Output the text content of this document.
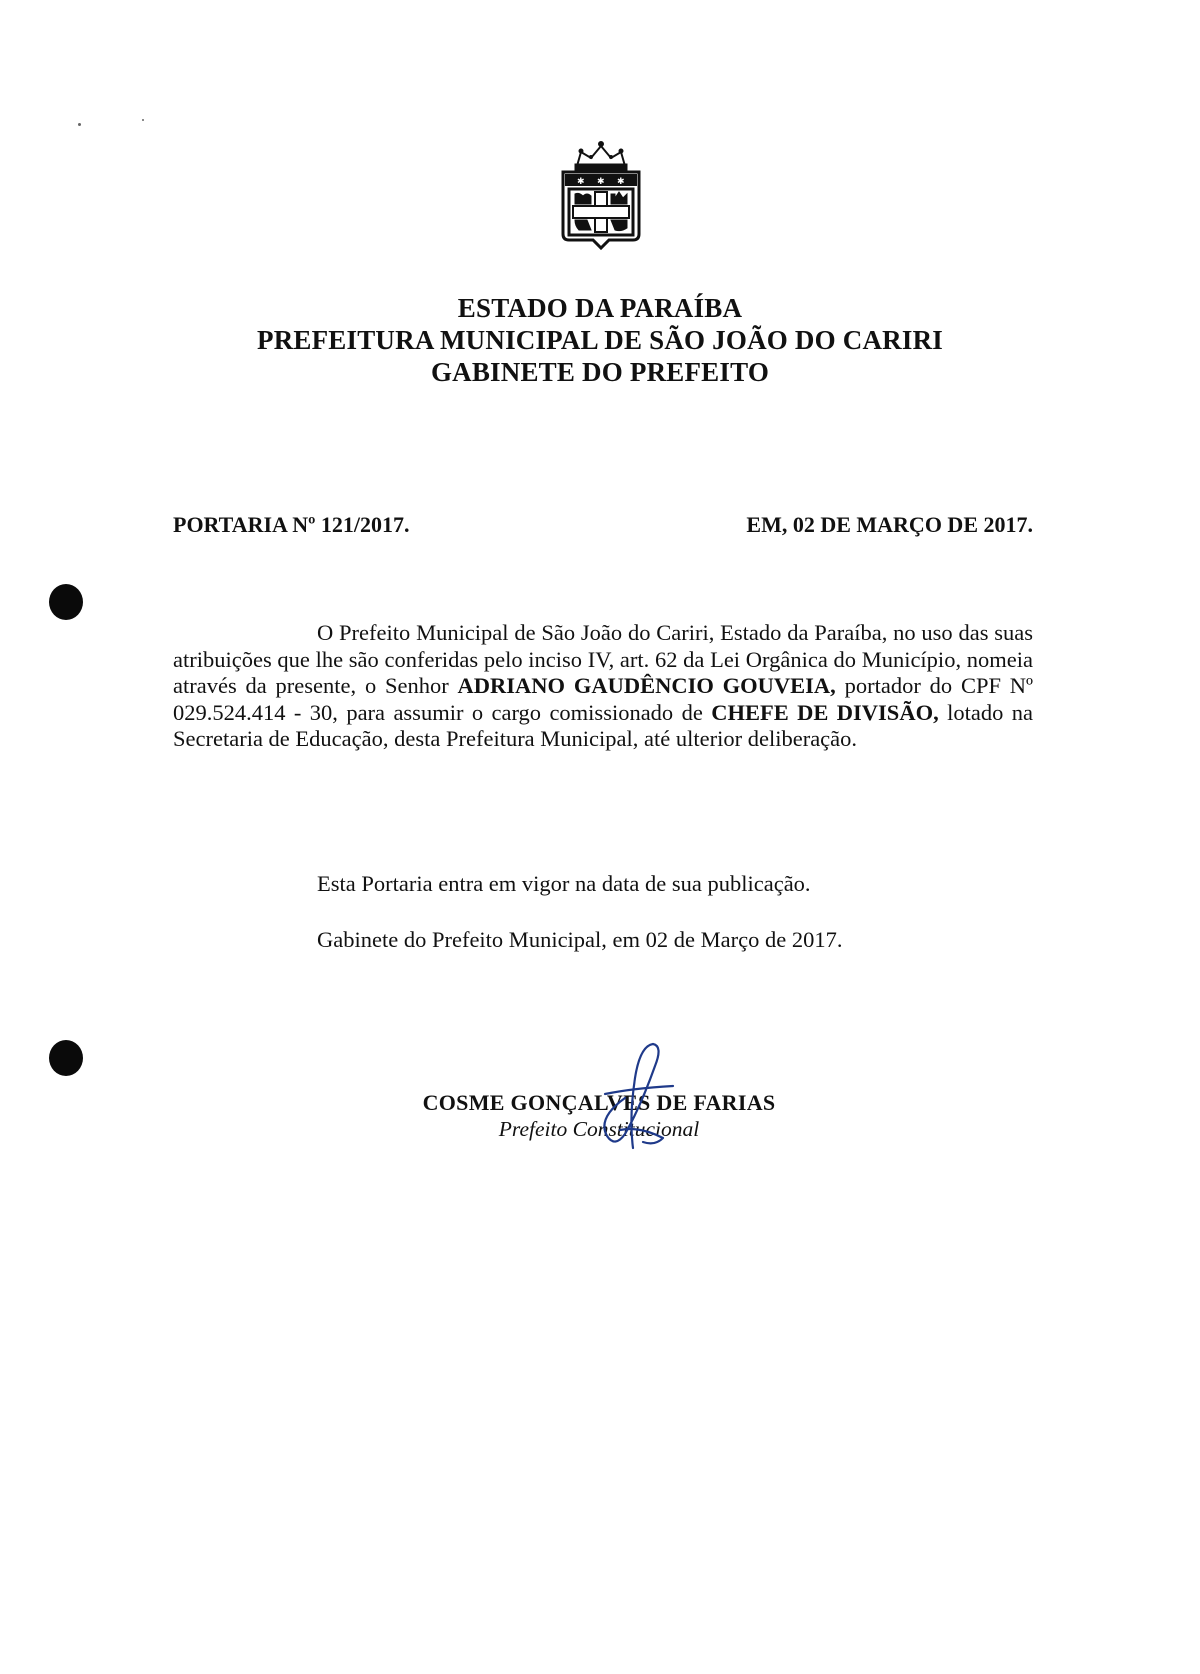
✱ ✱ ✱
ESTADO DA PARAÍBA
PREFEITURA MUNICIPAL DE SÃO JOÃO DO CARIRI
GABINETE DO PREFEITO
PORTARIA Nº 121/2017.	EM, 02 DE MARÇO DE 2017.
O Prefeito Municipal de São João do Cariri, Estado da Paraíba, no uso das suas atribuições que lhe são conferidas pelo inciso IV, art. 62 da Lei Orgânica do Município, nomeia através da presente, o Senhor ADRIANO GAUDÊNCIO GOUVEIA, portador do CPF Nº 029.524.414 - 30, para assumir o cargo comissionado de CHEFE DE DIVISÃO, lotado na Secretaria de Educação, desta Prefeitura Municipal, até ulterior deliberação.
Esta Portaria entra em vigor na data de sua publicação.
Gabinete do Prefeito Municipal, em 02 de Março de 2017.
COSME GONÇALVES DE FARIAS
Prefeito Constitucional
